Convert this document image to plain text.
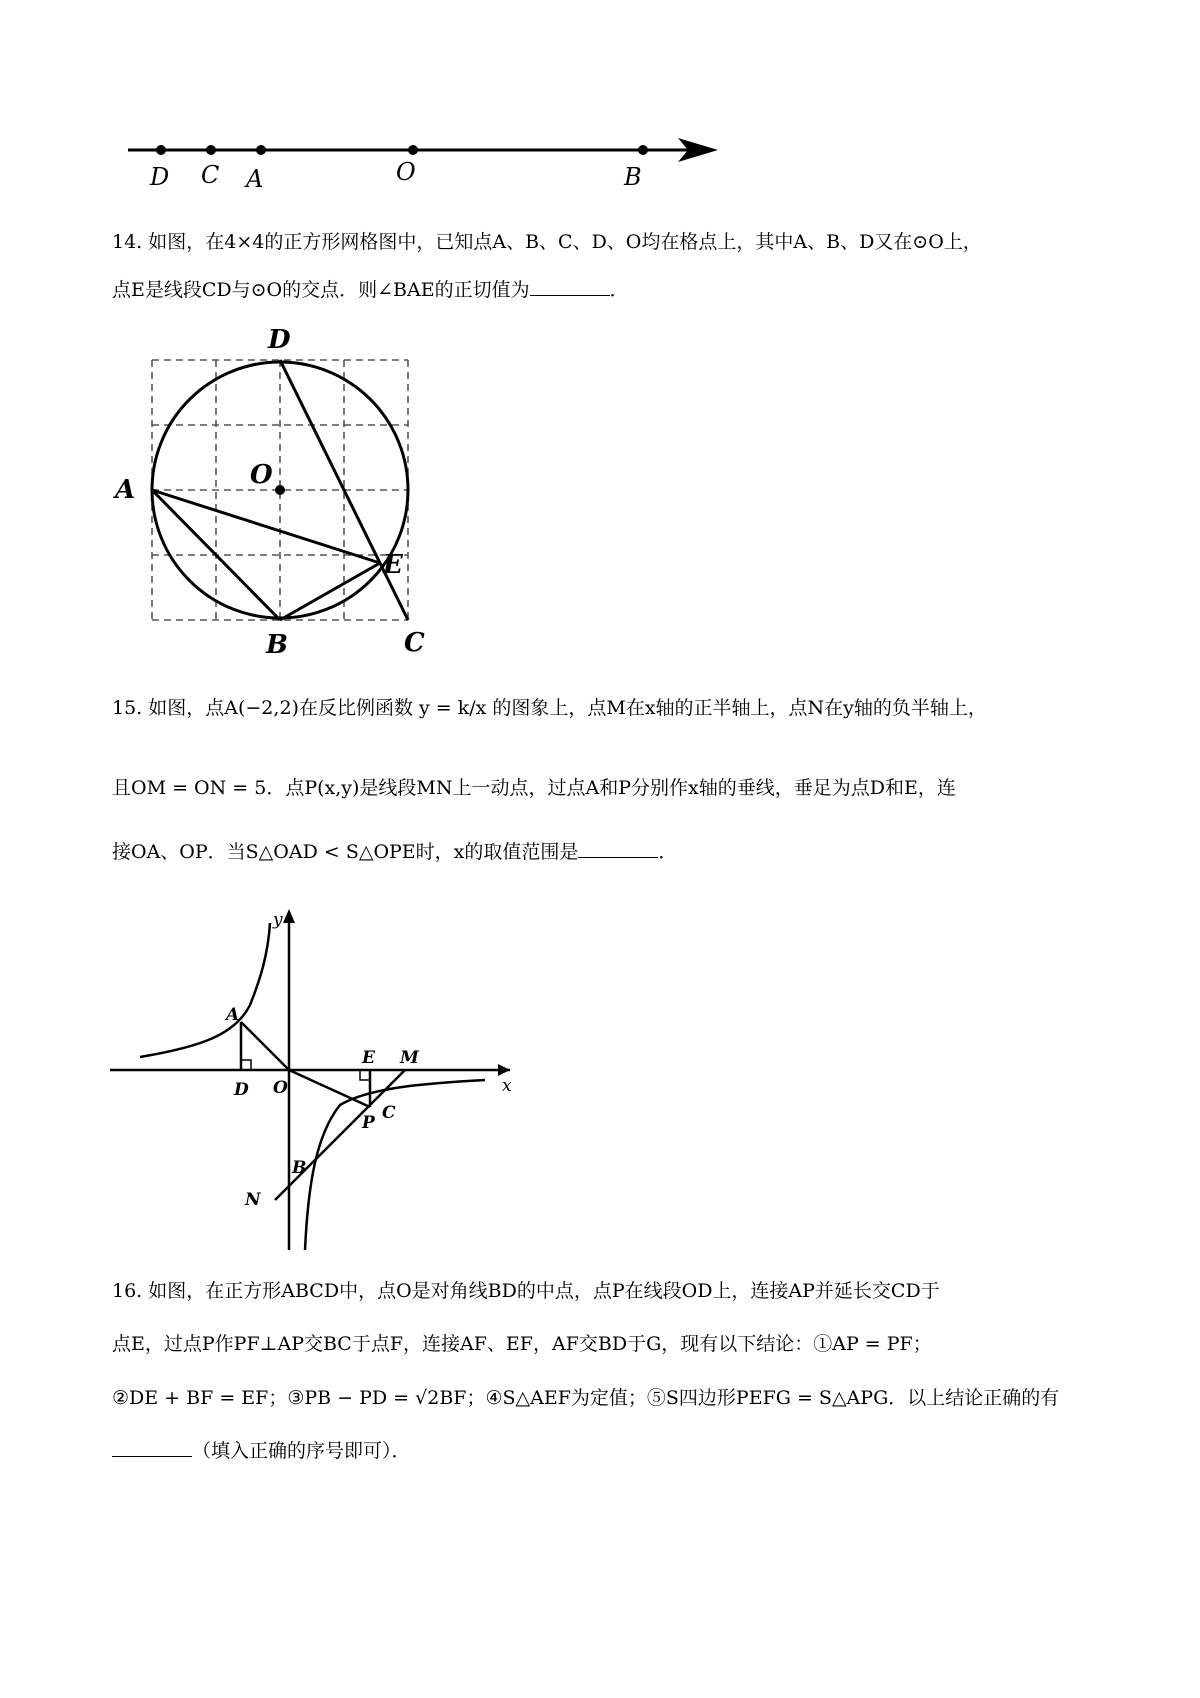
D C A	O	B
14. 如图，在4×4的正方形网格图中，已知点A、B、C、D、O均在格点上，其中A、B、D又在⊙O上，
点E是线段CD与⊙O的交点．则∠BAE的正切值为	．
D
O
A
E
B	C
15. 如图，点A(−2,2)在反比例函数 y = k/x 的图象上，点M在x轴的正半轴上，点N在y轴的负半轴上，
且OM = ON = 5．点P(x,y)是线段MN上一动点，过点A和P分别作x轴的垂线，垂足为点D和E，连
接OA、OP．当S△OAD < S△OPE时，x的取值范围是	．
y
A
D O
E M
x
P C
B
N
16. 如图，在正方形ABCD中，点O是对角线BD的中点，点P在线段OD上，连接AP并延长交CD于
点E，过点P作PF⊥AP交BC于点F，连接AF、EF，AF交BD于G，现有以下结论：①AP = PF；
②DE + BF = EF；③PB − PD = √2BF；④S△AEF为定值；⑤S四边形PEFG = S△APG．以上结论正确的有
（填入正确的序号即可）．
